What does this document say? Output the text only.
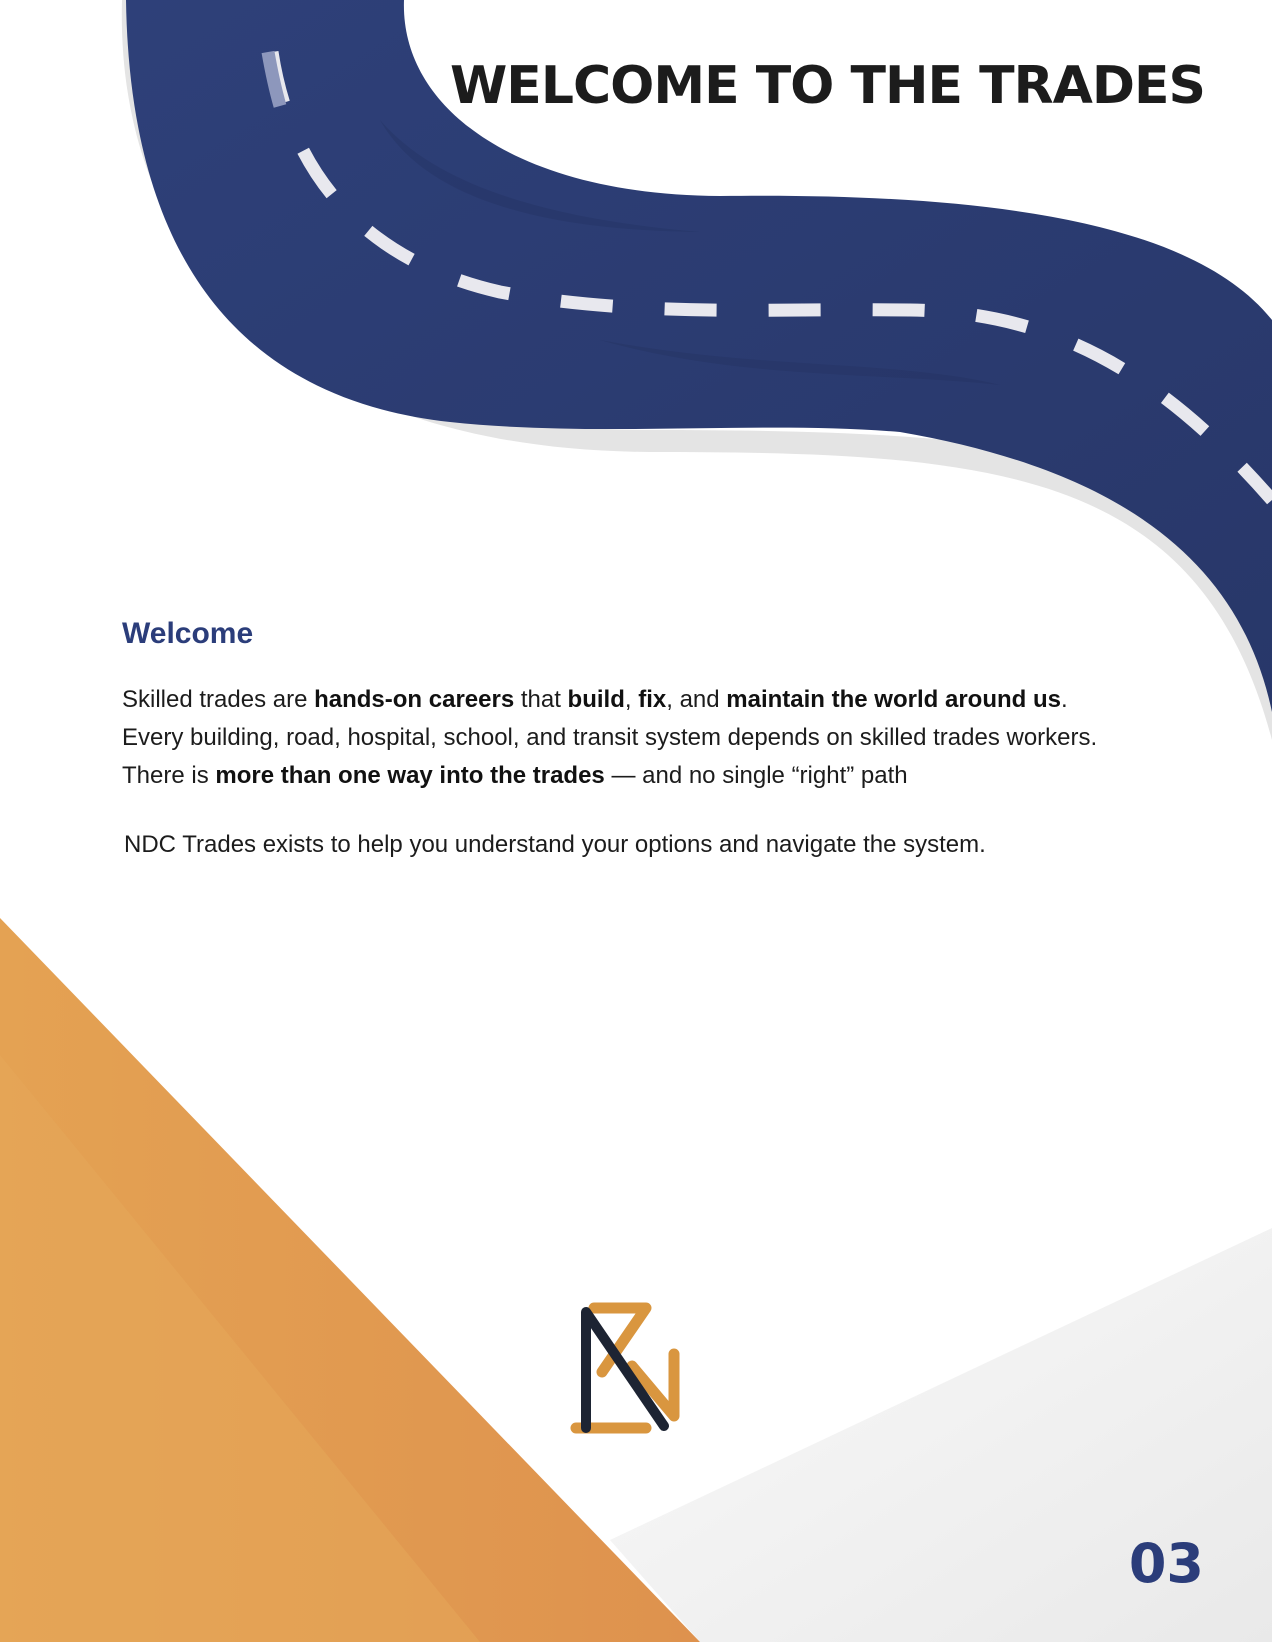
WELCOME TO THE TRADES
Welcome

Skilled trades are hands-on careers that build, fix, and maintain the world around us.
Every building, road, hospital, school, and transit system depends on skilled trades workers.
There is more than one way into the trades — and no single “right” path

NDC Trades exists to help you understand your options and navigate the system.

03
